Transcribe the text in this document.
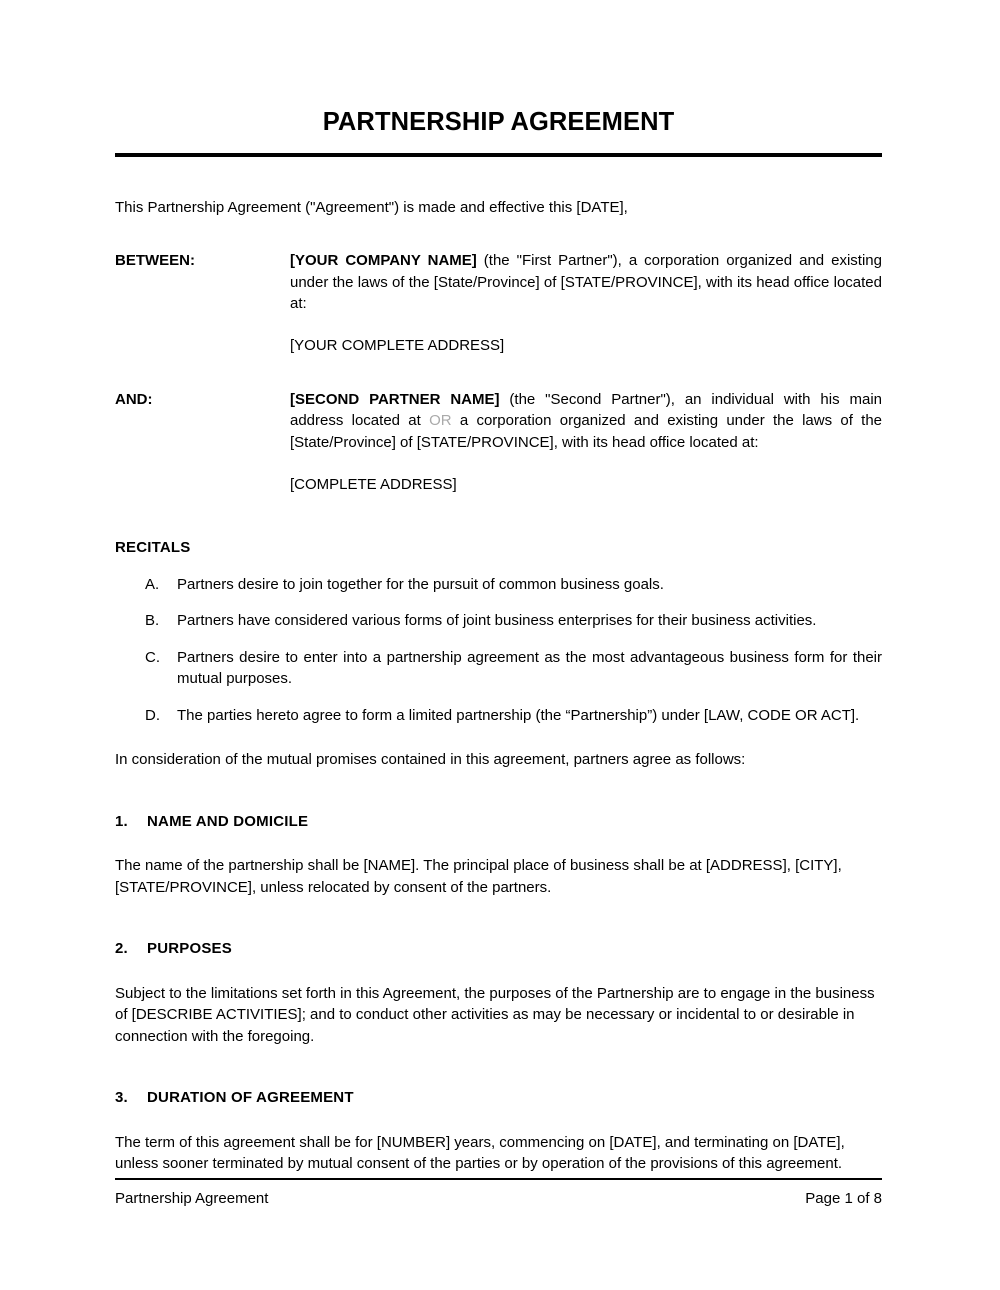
PARTNERSHIP AGREEMENT

This Partnership Agreement ("Agreement") is made and effective this [DATE],

BETWEEN:	[YOUR COMPANY NAME] (the "First Partner"), a corporation organized and existing under the laws of the [State/Province] of [STATE/PROVINCE], with its head office located at:
[YOUR COMPLETE ADDRESS]
AND:	[SECOND PARTNER NAME] (the "Second Partner"), an individual with his main address located at OR a corporation organized and existing under the laws of the [State/Province] of [STATE/PROVINCE], with its head office located at:
[COMPLETE ADDRESS]
RECITALS
A.	Partners desire to join together for the pursuit of common business goals.
B.	Partners have considered various forms of joint business enterprises for their business activities.
C.	Partners desire to enter into a partnership agreement as the most advantageous business form for their mutual purposes.
D.	The parties hereto agree to form a limited partnership (the “Partnership”) under [LAW, CODE OR ACT].

In consideration of the mutual promises contained in this agreement, partners agree as follows:

1.	NAME AND DOMICILE
The name of the partnership shall be [NAME]. The principal place of business shall be at [ADDRESS], [CITY], [STATE/PROVINCE], unless relocated by consent of the partners.
2.	PURPOSES
Subject to the limitations set forth in this Agreement, the purposes of the Partnership are to engage in the business of [DESCRIBE ACTIVITIES]; and to conduct other activities as may be necessary or incidental to or desirable in connection with the foregoing.
3.	DURATION OF AGREEMENT
The term of this agreement shall be for [NUMBER] years, commencing on [DATE], and terminating on [DATE], unless sooner terminated by mutual consent of the parties or by operation of the provisions of this agreement.
Partnership Agreement	Page 1 of 8
